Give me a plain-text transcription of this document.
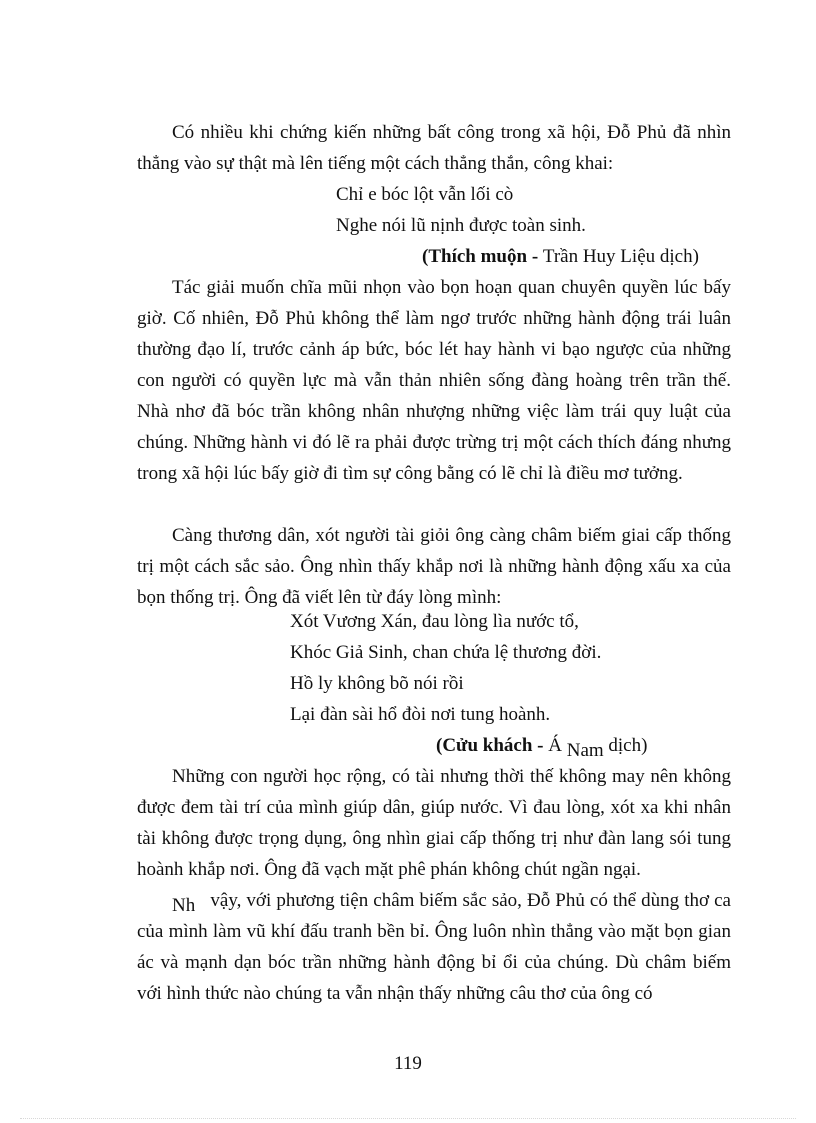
Có nhiều khi chứng kiến những bất công trong xã hội, Đỗ Phủ đã nhìn thẳng vào sự thật mà lên tiếng một cách thẳng thắn, công khai:

Chỉ e bóc lột vẫn lối cò
Nghe nói lũ nịnh được toàn sinh.
(Thích muộn - Trần Huy Liệu dịch)

Tác giải muốn chĩa mũi nhọn vào bọn hoạn quan chuyên quyền lúc bấy giờ. Cố nhiên, Đỗ Phủ không thể làm ngơ trước những hành động trái luân thường đạo lí, trước cảnh áp bức, bóc lét hay hành vi bạo ngược của những con người có quyền lực mà vẫn thản nhiên sống đàng hoàng trên trần thế. Nhà nhơ đã bóc trần không nhân nhượng những việc làm trái quy luật của chúng. Những hành vi đó lẽ ra phải được trừng trị một cách thích đáng nhưng trong xã hội lúc bấy giờ đi tìm sự công bằng có lẽ chỉ là điều mơ tưởng.

Càng thương dân, xót người tài giỏi ông càng châm biếm giai cấp thống trị một cách sắc sảo. Ông nhìn thấy khắp nơi là những hành động xấu xa của bọn thống trị. Ông đã viết lên từ đáy lòng mình:

Xót Vương Xán, đau lòng lìa nước tổ,
Khóc Giả Sinh, chan chứa lệ thương đời.
Hồ ly không bõ nói rồi
Lại đàn sài hổ đòi nơi tung hoành.
(Cửu khách - Á Nam dịch)

Những con người học rộng, có tài nhưng thời thế không may nên không được đem tài trí của mình giúp dân, giúp nước. Vì đau lòng, xót xa khi nhân tài không được trọng dụng, ông nhìn giai cấp thống trị như đàn lang sói tung hoành khắp nơi. Ông đã vạch mặt phê phán không chút ngần ngại.

Nh vậy, với phương tiện châm biếm sắc sảo, Đỗ Phủ có thể dùng thơ ca của mình làm vũ khí đấu tranh bền bỉ. Ông luôn nhìn thẳng vào mặt bọn gian ác và mạnh dạn bóc trần những hành động bỉ ổi của chúng. Dù châm biếm với hình thức nào chúng ta vẫn nhận thấy những câu thơ của ông có

119
